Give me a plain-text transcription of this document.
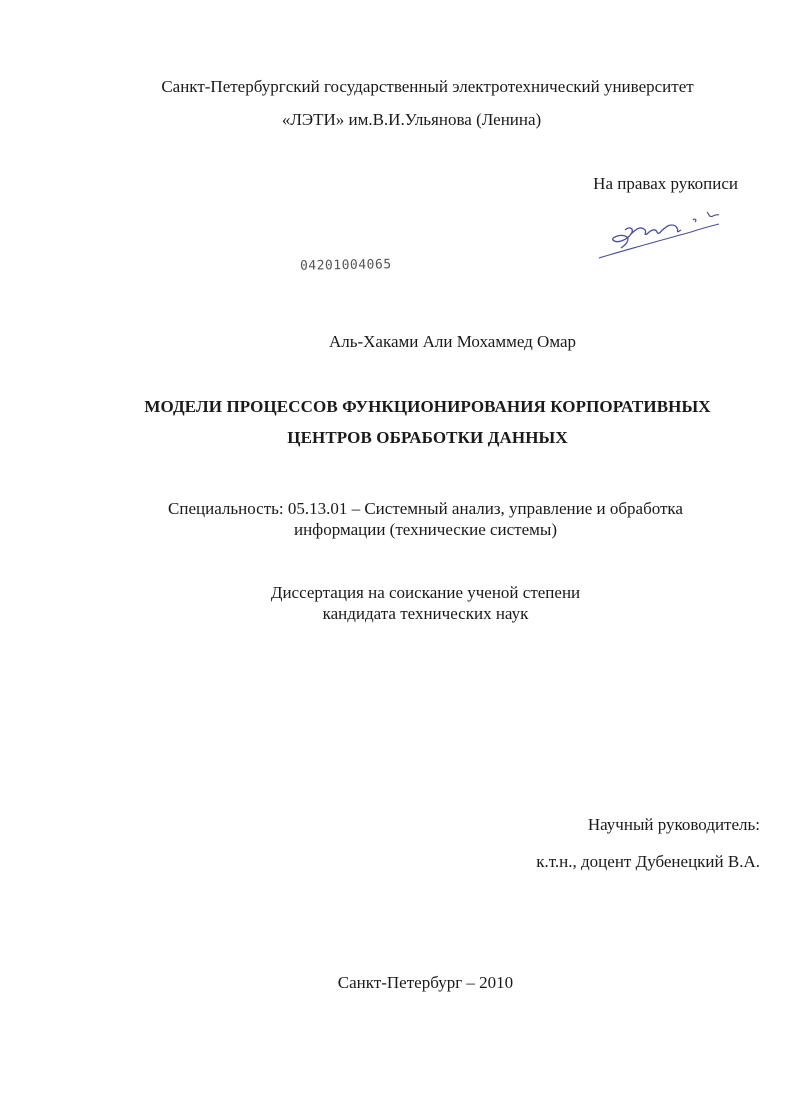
Санкт-Петербургский государственный электротехнический университет
«ЛЭТИ» им.В.И.Ульянова (Ленина)
На правах рукописи
04201004065
Аль-Хаками Али Мохаммед Омар
МОДЕЛИ ПРОЦЕССОВ ФУНКЦИОНИРОВАНИЯ КОРПОРАТИВНЫХ
ЦЕНТРОВ ОБРАБОТКИ ДАННЫХ
Специальность: 05.13.01 – Системный анализ, управление и обработка
информации (технические системы)
Диссертация на соискание ученой степени
кандидата технических наук
Научный руководитель:
к.т.н., доцент Дубенецкий В.А.
Санкт-Петербург – 2010
